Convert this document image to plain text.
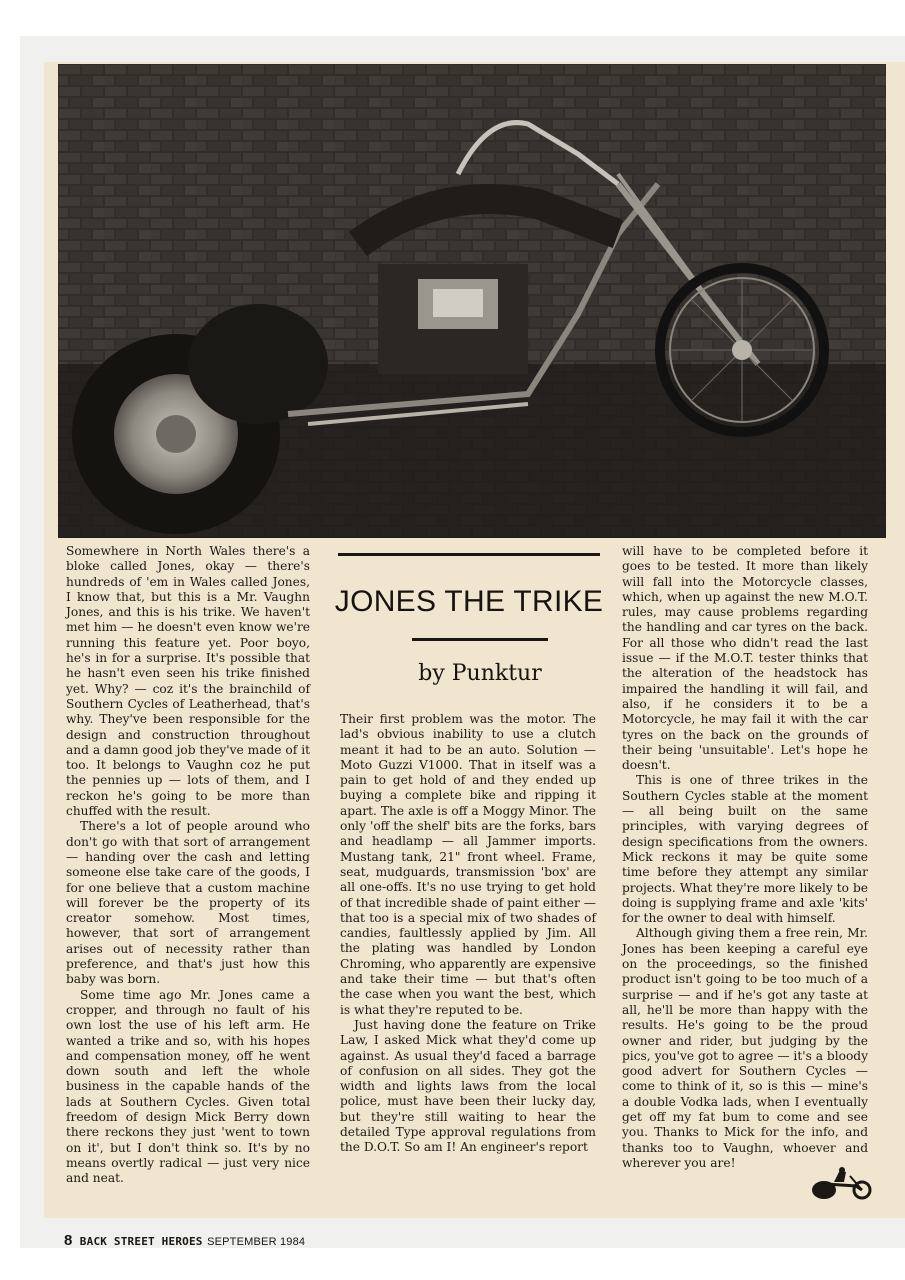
Somewhere in North Wales there's a bloke called Jones, okay — there's hundreds of 'em in Wales called Jones, I know that, but this is a Mr. Vaughn Jones, and this is his trike. We haven't met him — he doesn't even know we're running this feature yet. Poor boyo, he's in for a surprise. It's possible that he hasn't even seen his trike finished yet. Why? — coz it's the brainchild of Southern Cycles of Leatherhead, that's why. They've been responsible for the design and construction throughout and a damn good job they've made of it too. It belongs to Vaughn coz he put the pennies up — lots of them, and I reckon he's going to be more than chuffed with the result.

There's a lot of people around who don't go with that sort of arrangement — handing over the cash and letting someone else take care of the goods, I for one believe that a custom machine will forever be the property of its creator somehow. Most times, however, that sort of arrangement arises out of necessity rather than preference, and that's just how this baby was born.

Some time ago Mr. Jones came a cropper, and through no fault of his own lost the use of his left arm. He wanted a trike and so, with his hopes and compensation money, off he went down south and left the whole business in the capable hands of the lads at Southern Cycles. Given total freedom of design Mick Berry down there reckons they just 'went to town on it', but I don't think so. It's by no means overtly radical — just very nice and neat.

JONES THE TRIKE
by Punktur

Their first problem was the motor. The lad's obvious inability to use a clutch meant it had to be an auto. Solution — Moto Guzzi V1000. That in itself was a pain to get hold of and they ended up buying a complete bike and ripping it apart. The axle is off a Moggy Minor. The only 'off the shelf' bits are the forks, bars and headlamp — all Jammer imports. Mustang tank, 21" front wheel. Frame, seat, mudguards, transmission 'box' are all one-offs. It's no use trying to get hold of that incredible shade of paint either — that too is a special mix of two shades of candies, faultlessly applied by Jim. All the plating was handled by London Chroming, who apparently are expensive and take their time — but that's often the case when you want the best, which is what they're reputed to be.

Just having done the feature on Trike Law, I asked Mick what they'd come up against. As usual they'd faced a barrage of confusion on all sides. They got the width and lights laws from the local police, must have been their lucky day, but they're still waiting to hear the detailed Type approval regulations from the D.O.T. So am I! An engineer's report

will have to be completed before it goes to be tested. It more than likely will fall into the Motorcycle classes, which, when up against the new M.O.T. rules, may cause problems regarding the handling and car tyres on the back. For all those who didn't read the last issue — if the M.O.T. tester thinks that the alteration of the headstock has impaired the handling it will fail, and also, if he considers it to be a Motorcycle, he may fail it with the car tyres on the back on the grounds of their being 'unsuitable'. Let's hope he doesn't.

This is one of three trikes in the Southern Cycles stable at the moment — all being built on the same principles, with varying degrees of design specifications from the owners. Mick reckons it may be quite some time before they attempt any similar projects. What they're more likely to be doing is supplying frame and axle 'kits' for the owner to deal with himself.

Although giving them a free rein, Mr. Jones has been keeping a careful eye on the proceedings, so the finished product isn't going to be too much of a surprise — and if he's got any taste at all, he'll be more than happy with the results. He's going to be the proud owner and rider, but judging by the pics, you've got to agree — it's a bloody good advert for Southern Cycles — come to think of it, so is this — mine's a double Vodka lads, when I eventually get off my fat bum to come and see you. Thanks to Mick for the info, and thanks too to Vaughn, whoever and wherever you are!

8 BACK STREET HEROES SEPTEMBER 1984
